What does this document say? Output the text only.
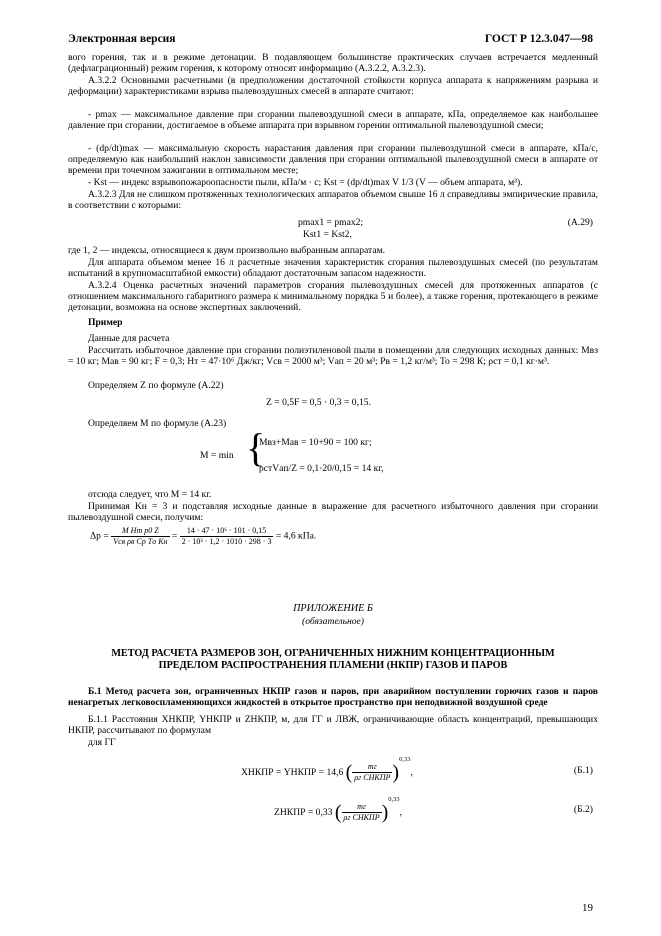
Электронная версия	ГОСТ Р 12.3.047—98

вого горения, так и в режиме детонации. В подавляющем большинстве практических случаев встречается медленный (дефлаграционный) режим горения, к которому относят информацию (А.3.2.2, А.3.2.3).

А.3.2.2 Основными расчетными (в предположении достаточной стойкости корпуса аппарата к напряжениям разрыва и деформации) характеристиками взрыва пылевоздушных смесей в аппарате считают:

- pmax — максимальное давление при сгорании пылевоздушной смеси в аппарате, кПа, определяемое как наибольшее давление при сгорании, достигаемое в объеме аппарата при взрывном горении оптимальной пылевоздушной смеси;

- (dp/dt)max — максимальную скорость нарастания давления при сгорании пылевоздушной смеси в аппарате, кПа/с, определяемую как наибольший наклон зависимости давления при сгорании оптимальной пылевоздушной смеси в аппарате от времени при точечном зажигании в оптимальном месте;

- Kst — индекс взрывопожароопасности пыли, кПа/м · с; Kst = (dp/dt)max V 1/3 (V — объем аппарата, м³).

А.3.2.3 Для не слишком протяженных технологических аппаратов объемом свыше 16 л справедливы эмпирические правила, в соответствии с которыми:

pmax1 = pmax2;
Kst1 = Kst2,
(А.29)

где 1, 2 — индексы, относящиеся к двум произвольно выбранным аппаратам.

Для аппарата объемом менее 16 л расчетные значения характеристик сгорания пылевоздушных смесей (по результатам испытаний в крупномасштабной емкости) обладают достаточным запасом надежности.

А.3.2.4 Оценка расчетных значений параметров сгорания пылевоздушных смесей для протяженных аппаратов (с отношением максимального габаритного размера к минимальному порядка 5 и более), а также горения, протекающего в режиме детонации, возможна на основе экспертных заключений.

Пример

Данные для расчета

Рассчитать избыточное давление при сгорании полиэтиленовой пыли в помещении для следующих исходных данных: Mвз = 10 кг; Mав = 90 кг; F = 0,3; Hт = 47·10⁶ Дж/кг; Vсв = 2000 м³; Vап = 20 м³; Pв = 1,2 кг/м³; To = 298 К; ρст = 0,1 кг·м³.

Определяем Z по формуле (А.22)

Z = 0,5F = 0,5 · 0,3 = 0,15.

Определяем M по формуле (А.23)

M = min {
Mвз+Mав = 10+90 = 100 кг;
ρстVап/Z = 0,1·20/0,15 = 14 кг,

отсюда следует, что M = 14 кг.

Принимая Kн = 3 и подставляя исходные данные в выражение для расчетного избыточного давления при сгорании пылевоздушной смеси, получим:

$\Delta p = \frac{\text{M Hт p0 Z}}{\text{Vсв ρв Cp Tо Kн}} = \frac{\text{14 · 47 · 10⁶ · 101 · 0,15}}{\text{2 · 10³ · 1,2 · 1010 · 298 · 3}} = 4,6$ кПа.
ПРИЛОЖЕНИЕ Б
(обязательное)
МЕТОД РАСЧЕТА РАЗМЕРОВ ЗОН, ОГРАНИЧЕННЫХ НИЖНИМ КОНЦЕНТРАЦИОННЫМ
ПРЕДЕЛОМ РАСПРОСТРАНЕНИЯ ПЛАМЕНИ (НКПР) ГАЗОВ И ПАРОВ

Б.1 Метод расчета зон, ограниченных НКПР газов и паров, при аварийном поступлении горючих газов и паров ненагретых легковоспламеняющихся жидкостей в открытое пространство при неподвижной воздушной среде

Б.1.1 Расстояния XНКПР, YНКПР и ZНКПР, м, для ГГ и ЛВЖ, ограничивающие область концентраций, превышающих НКПР, рассчитывают по формулам

для ГГ

XНКПР = YНКПР = 14,6 ( $\frac{mг}{\text{ρг CНКПР}} )^{0,33}$,	(Б.1)
ZНКПР = 0,33 ( $\frac{mг}{\text{ρг CНКПР}} )^{0,33}$,	(Б.2)
19
